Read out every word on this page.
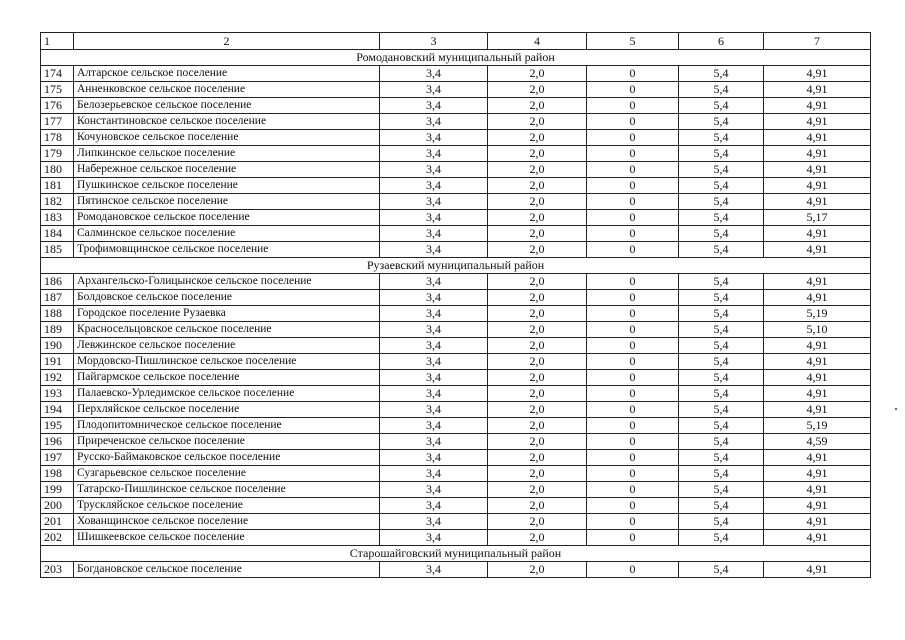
1	2	3	4	5	6	7
Ромодановский муниципальный район						
174	Алтарское сельское поселение	3,4	2,0	0	5,4	4,91
175	Анненковское сельское поселение	3,4	2,0	0	5,4	4,91
176	Белозерьевское сельское поселение	3,4	2,0	0	5,4	4,91
177	Константиновское сельское поселение	3,4	2,0	0	5,4	4,91
178	Кочуновское сельское поселение	3,4	2,0	0	5,4	4,91
179	Липкинское сельское поселение	3,4	2,0	0	5,4	4,91
180	Набережное сельское поселение	3,4	2,0	0	5,4	4,91
181	Пушкинское сельское поселение	3,4	2,0	0	5,4	4,91
182	Пятинское сельское поселение	3,4	2,0	0	5,4	4,91
183	Ромодановское сельское поселение	3,4	2,0	0	5,4	5,17
184	Салминское сельское поселение	3,4	2,0	0	5,4	4,91
185	Трофимовщинское сельское поселение	3,4	2,0	0	5,4	4,91
Рузаевский муниципальный район						
186	Архангельско-Голицынское сельское поселение	3,4	2,0	0	5,4	4,91
187	Болдовское сельское поселение	3,4	2,0	0	5,4	4,91
188	Городское поселение Рузаевка	3,4	2,0	0	5,4	5,19
189	Красносельцовское сельское поселение	3,4	2,0	0	5,4	5,10
190	Левжинское сельское поселение	3,4	2,0	0	5,4	4,91
191	Мордовско-Пишлинское сельское поселение	3,4	2,0	0	5,4	4,91
192	Пайгармское сельское поселение	3,4	2,0	0	5,4	4,91
193	Палаевско-Урледимское сельское поселение	3,4	2,0	0	5,4	4,91
194	Перхляйское сельское поселение	3,4	2,0	0	5,4	4,91
195	Плодопитомническое сельское поселение	3,4	2,0	0	5,4	5,19
196	Приреченское сельское поселение	3,4	2,0	0	5,4	4,59
197	Русско-Баймаковское сельское поселение	3,4	2,0	0	5,4	4,91
198	Сузгарьевское сельское поселение	3,4	2,0	0	5,4	4,91
199	Татарско-Пишлинское сельское поселение	3,4	2,0	0	5,4	4,91
200	Трускляйское сельское поселение	3,4	2,0	0	5,4	4,91
201	Хованщинское сельское поселение	3,4	2,0	0	5,4	4,91
202	Шишкеевское сельское поселение	3,4	2,0	0	5,4	4,91
Старошайговский муниципальный район						
203	Богдановское сельское поселение	3,4	2,0	0	5,4	4,91
